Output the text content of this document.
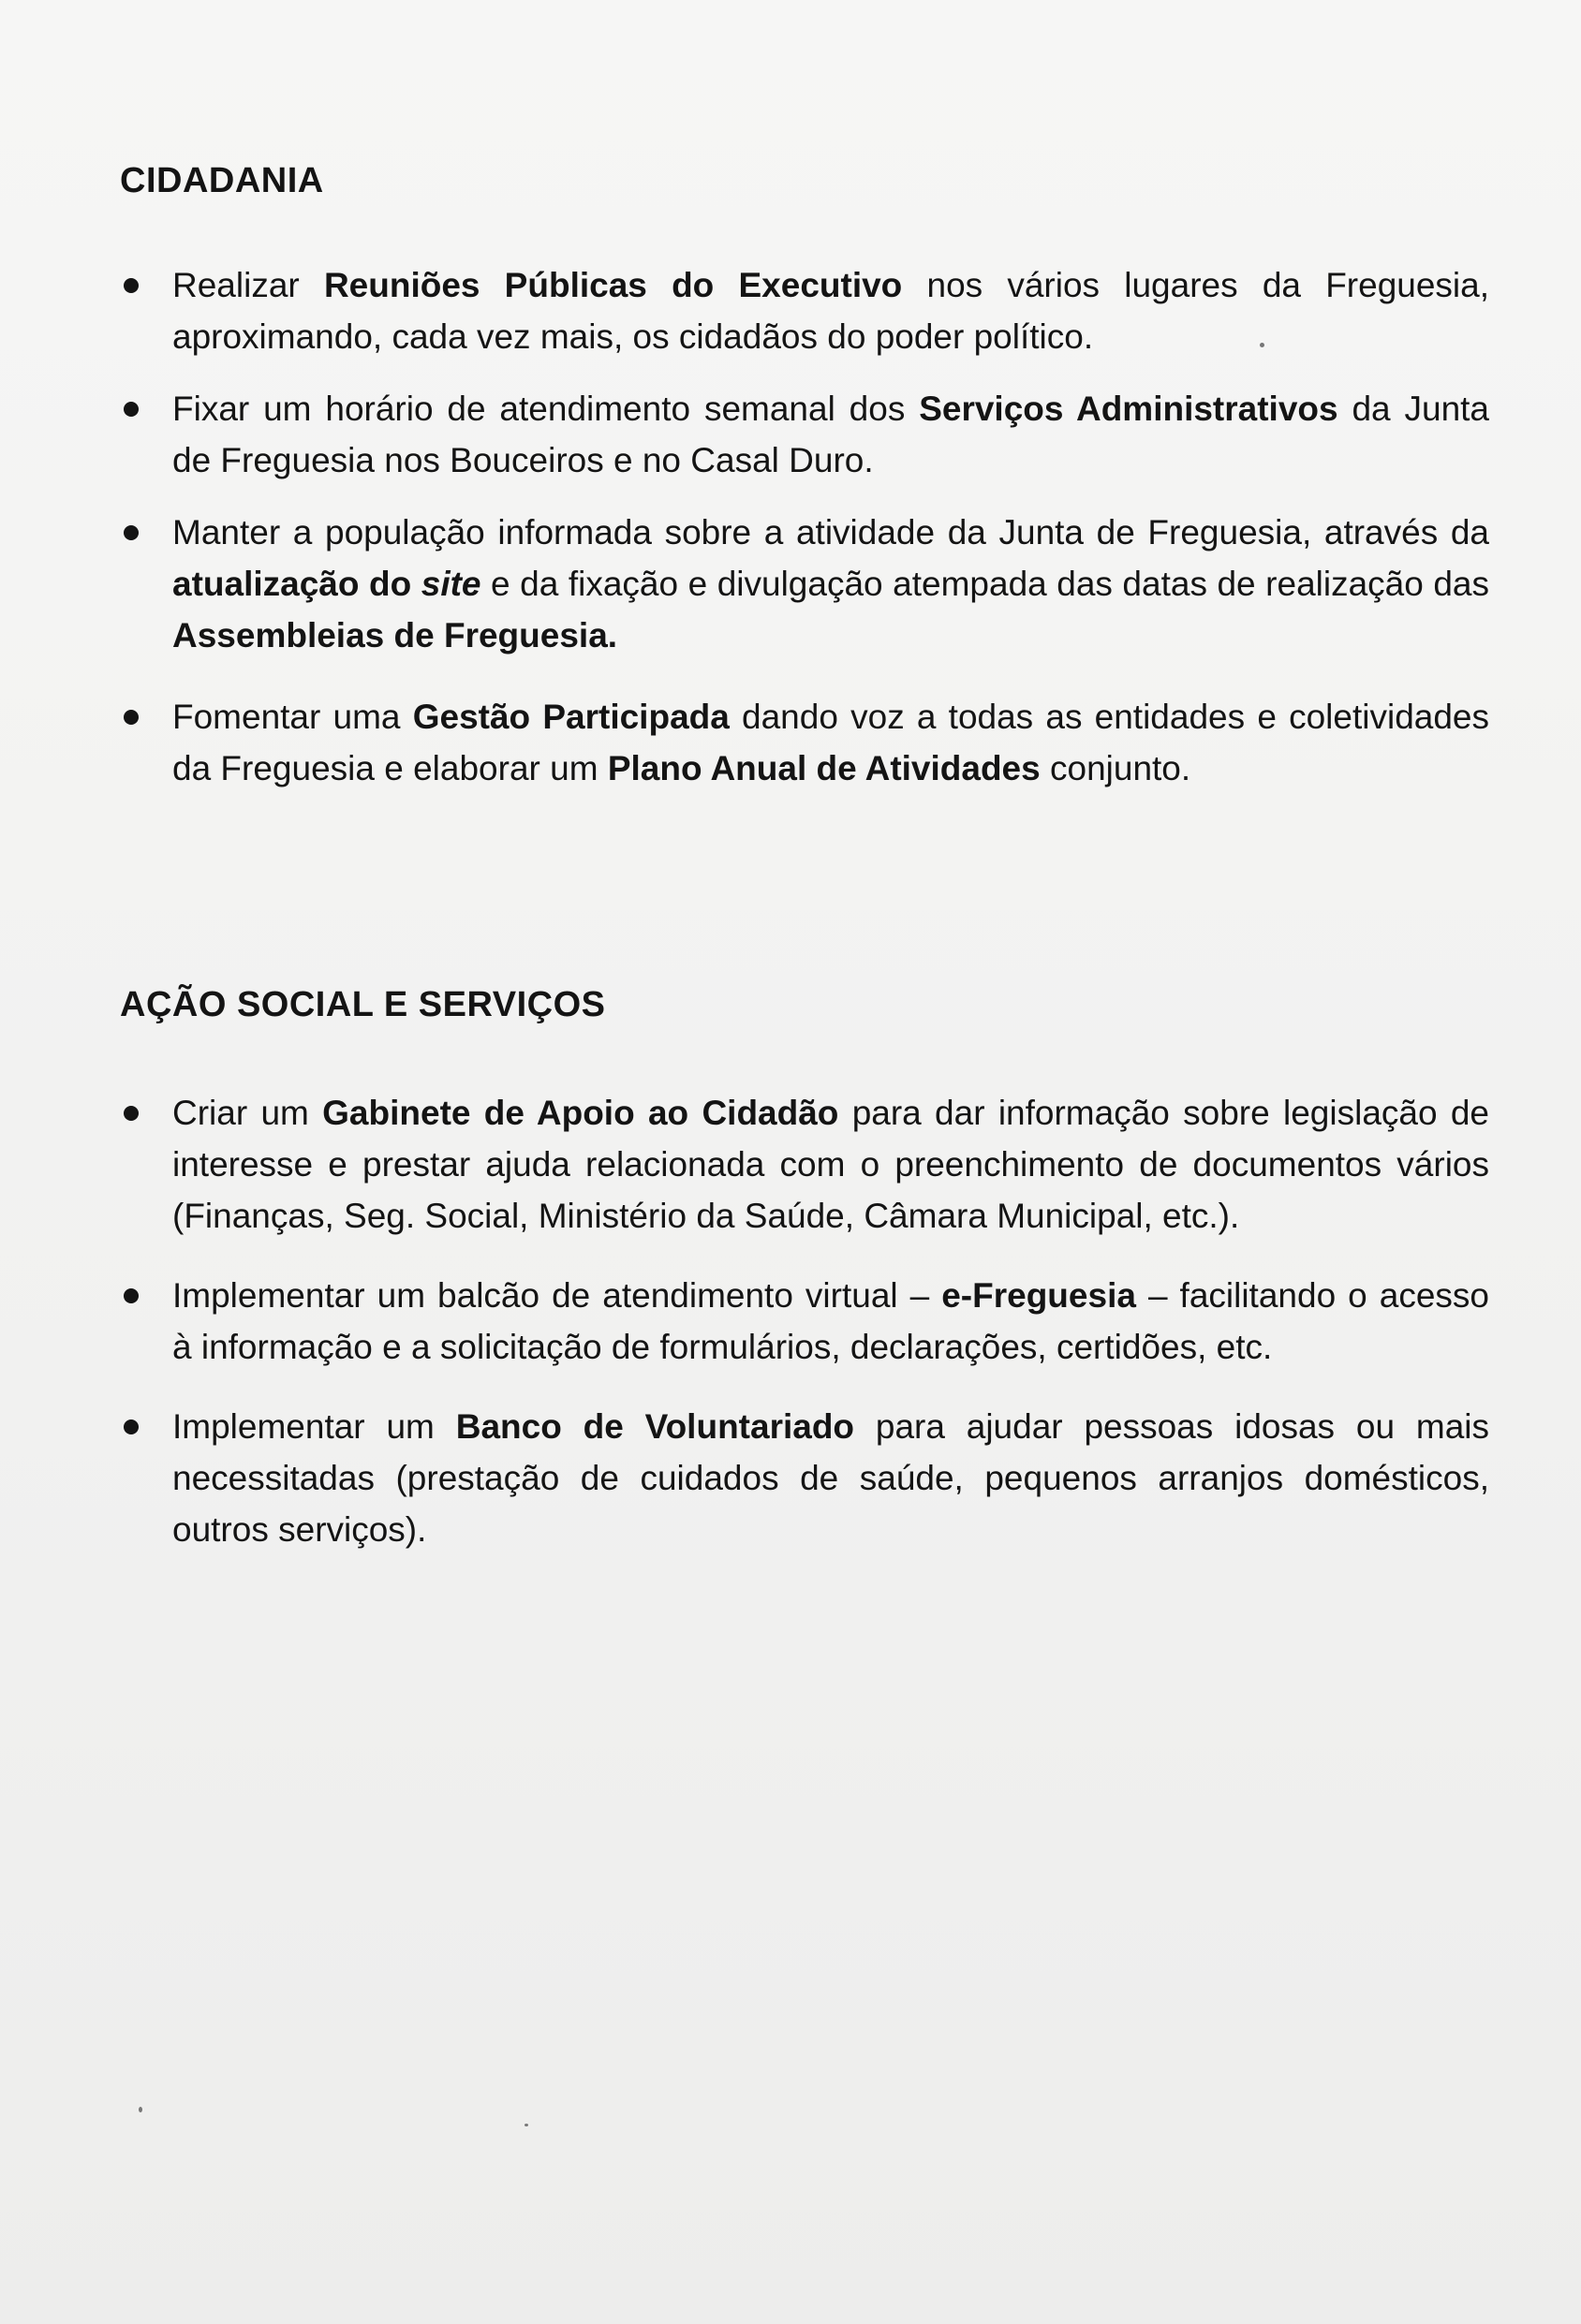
CIDADANIA
Realizar Reuniões Públicas do Executivo nos vários lugares da Freguesia, aproximando, cada vez mais, os cidadãos do poder político.
Fixar um horário de atendimento semanal dos Serviços Administrativos da Junta de Freguesia nos Bouceiros e no Casal Duro.
Manter a população informada sobre a atividade da Junta de Freguesia, através da atualização do site e da fixação e divulgação atempada das datas de realização das Assembleias de Freguesia.
Fomentar uma Gestão Participada dando voz a todas as entidades e coletividades da Freguesia e elaborar um Plano Anual de Atividades conjunto.
AÇÃO SOCIAL E SERVIÇOS
Criar um Gabinete de Apoio ao Cidadão para dar informação sobre legislação de interesse e prestar ajuda relacionada com o preenchimento de documentos vários (Finanças, Seg. Social, Ministério da Saúde, Câmara Municipal, etc.).
Implementar um balcão de atendimento virtual – e-Freguesia – facilitando o acesso à informação e a solicitação de formulários, declarações, certidões, etc.
Implementar um Banco de Voluntariado para ajudar pessoas idosas ou mais necessitadas (prestação de cuidados de saúde, pequenos arranjos domésticos, outros serviços).
